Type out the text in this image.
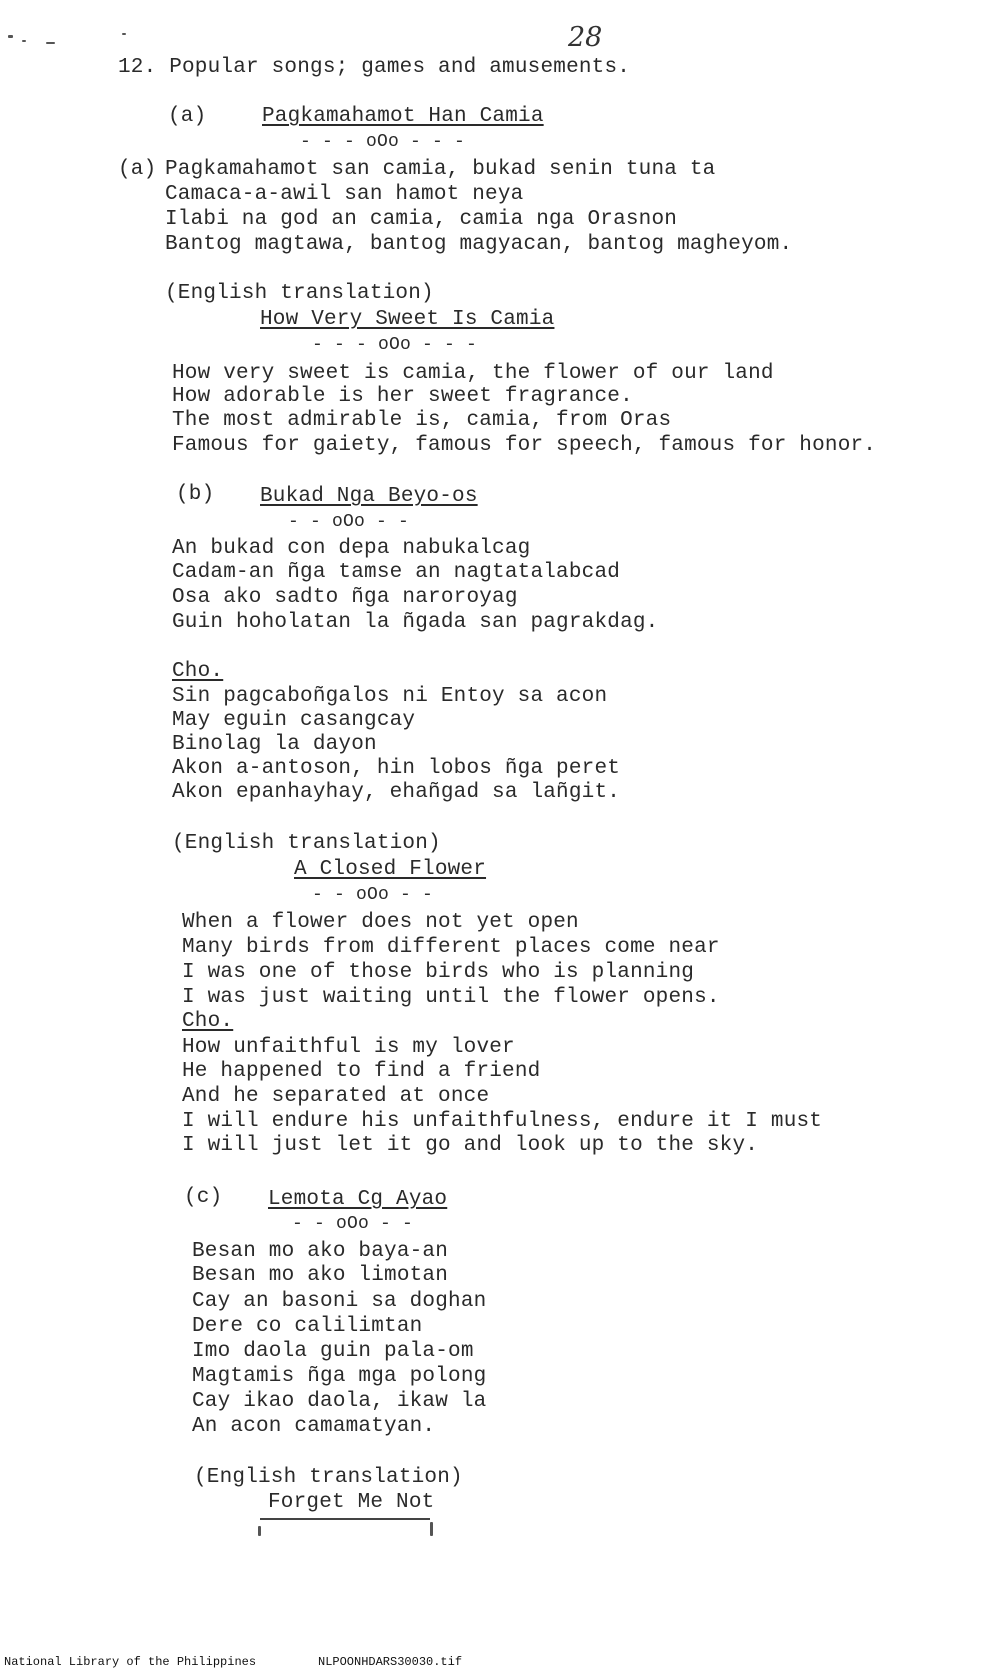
28
12. Popular songs; games and amusements.
(a)	Pagkamahamot Han Camia
- - - oOo - - -
(a) Pagkamahamot san camia, bukad senin tuna ta
Camaca-a-awil san hamot neya
Ilabi na god an camia, camia nga Orasnon
Bantog magtawa, bantog magyacan, bantog magheyom.
(English translation)
How Very Sweet Is Camia
- - - oOo - - -
How very sweet is camia, the flower of our land
How adorable is her sweet fragrance.
The most admirable is, camia, from Oras
Famous for gaiety, famous for speech, famous for honor.
(b) Bukad Nga Beyo-os
- - oOo - -
An bukad con depa nabukalcag
Cadam-an ñga tamse an nagtatalabcad
Osa ako sadto ñga naroroyag
Guin hoholatan la ñgada san pagrakdag.
Cho.
Sin pagcaboñgalos ni Entoy sa acon
May eguin casangcay
Binolag la dayon
Akon a-antoson, hin lobos ñga peret
Akon epanhayhay, ehañgad sa lañgit.
(English translation)
A Closed Flower
- - oOo - -
When a flower does not yet open
Many birds from different places come near
I was one of those birds who is planning
I was just waiting until the flower opens.
Cho.
How unfaithful is my lover
He happened to find a friend
And he separated at once
I will endure his unfaithfulness, endure it I must
I will just let it go and look up to the sky.
(c) Lemota Cg Ayao
- - oOo - -
Besan mo ako baya-an
Besan mo ako limotan
Cay an basoni sa doghan
Dere co calilimtan
Imo daola guin pala-om
Magtamis ñga mga polong
Cay ikao daola, ikaw la
An acon camamatyan.
(English translation)
Forget Me Not
National Library of the Philippines	NLPOONHDARS30030.tif
